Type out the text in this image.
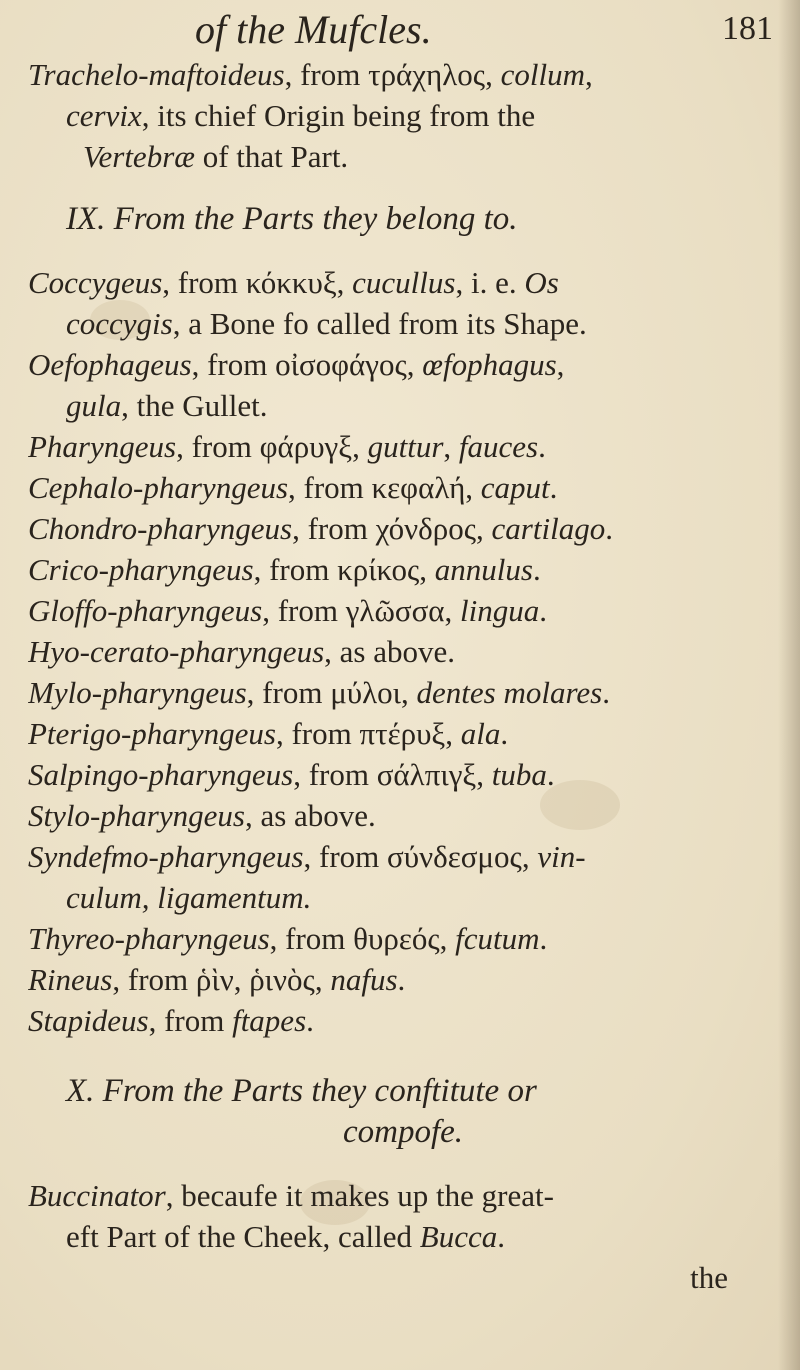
of the Mufcles.	181
Trachelo-maftoideus, from τράχηλος, collum,
cervix, its chief Origin being from the
Vertebræ of that Part.
IX. From the Parts they belong to.
Coccygeus, from κόκκυξ, cucullus, i. e. Os
coccygis, a Bone fo called from its Shape.
Oefophageus, from οἰσοφάγος, œfophagus,
gula, the Gullet.
Pharyngeus, from φάρυγξ, guttur, fauces.
Cephalo-pharyngeus, from κεφαλή, caput.
Chondro-pharyngeus, from χόνδρος, cartilago.
Crico-pharyngeus, from κρίκος, annulus.
Gloffo-pharyngeus, from γλῶσσα, lingua.
Hyo-cerato-pharyngeus, as above.
Mylo-pharyngeus, from μύλοι, dentes molares.
Pterigo-pharyngeus, from πτέρυξ, ala.
Salpingo-pharyngeus, from σάλπιγξ, tuba.
Stylo-pharyngeus, as above.
Syndefmo-pharyngeus, from σύνδεσμος, vin-
culum, ligamentum.
Thyreo-pharyngeus, from θυρεός, fcutum.
Rineus, from ῥὶν, ῥινὸς, nafus.
Stapideus, from ftapes.
X. From the Parts they conftitute or
compofe.
Buccinator, becaufe it makes up the great-
eft Part of the Cheek, called Bucca.
the
